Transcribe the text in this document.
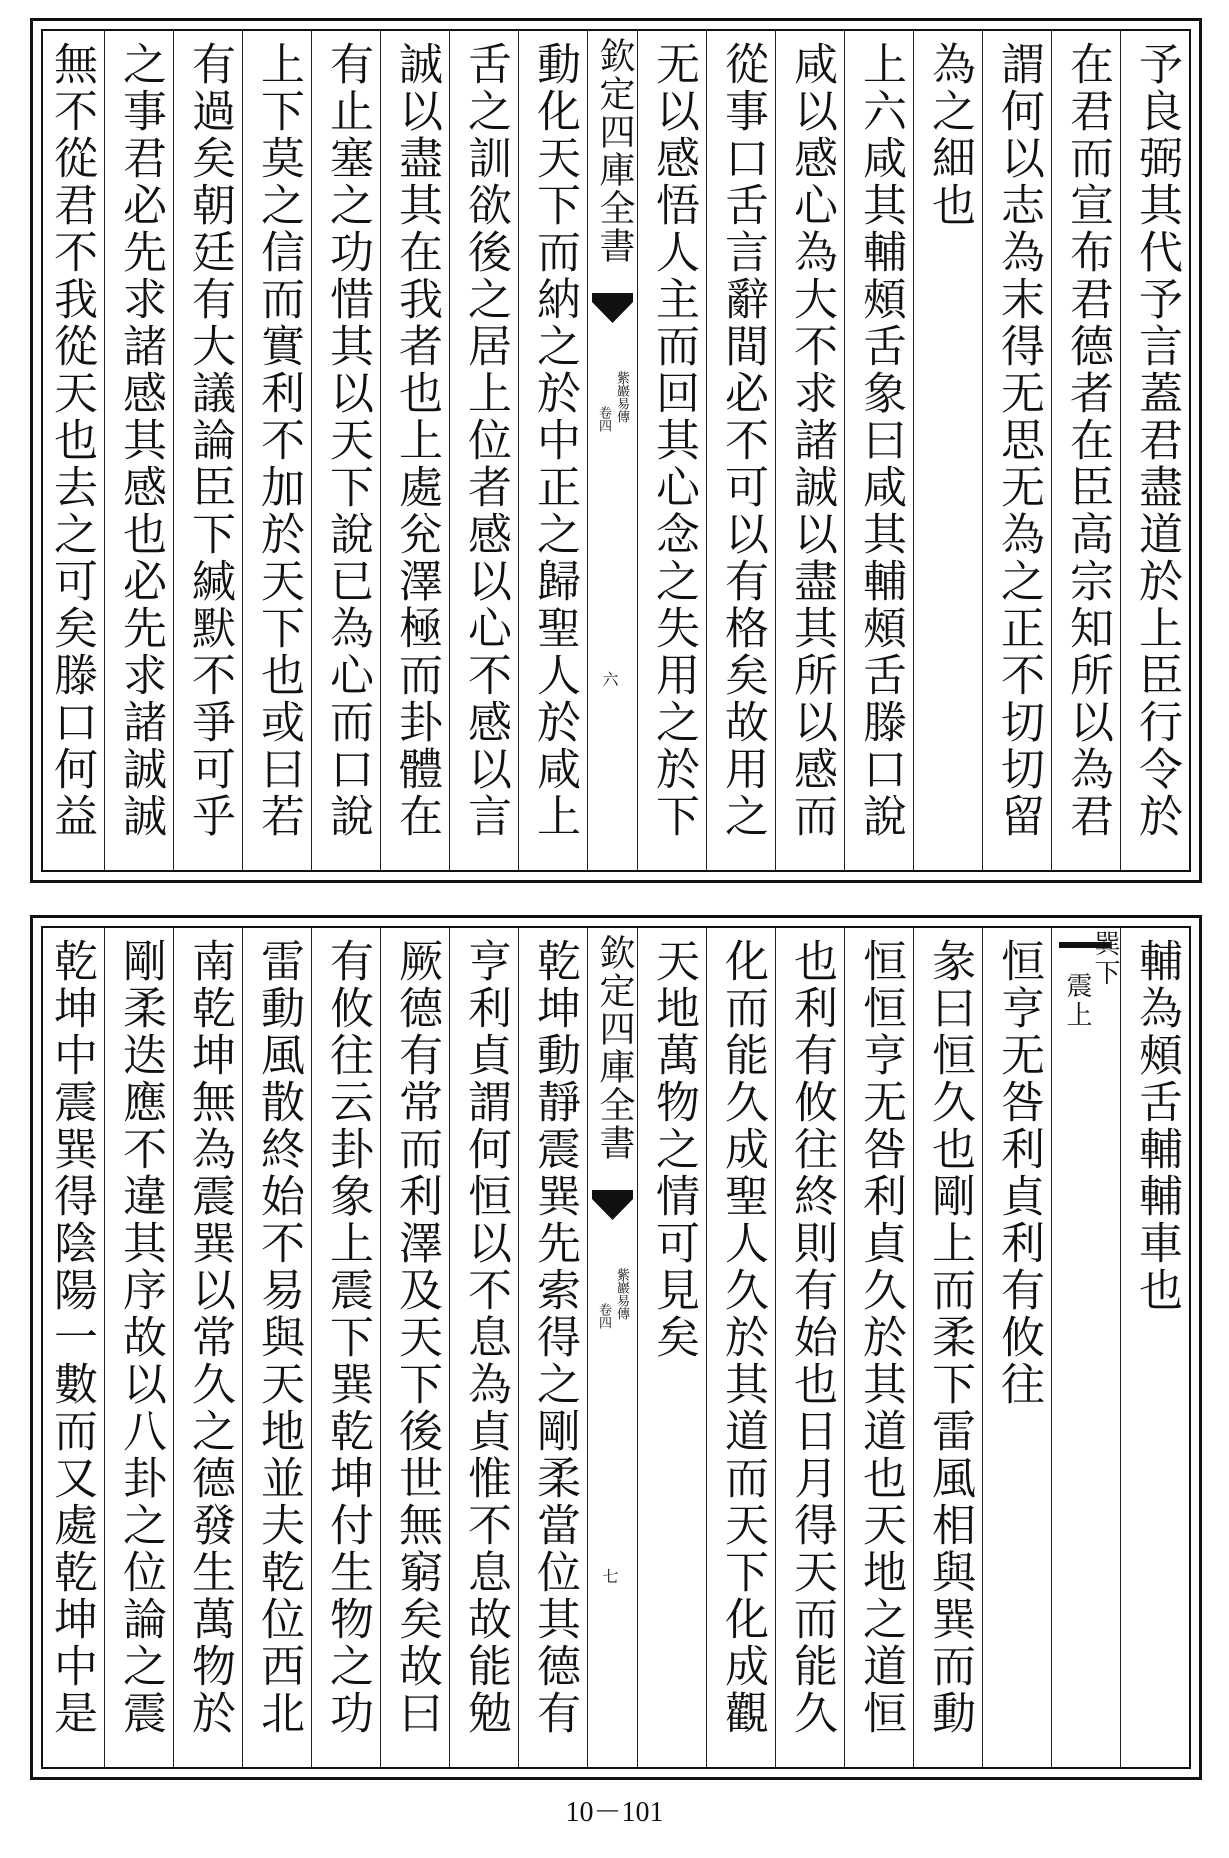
予良弼其代予言蓋君盡道於上臣行令於
在君而宣布君德者在臣高宗知所以為君
謂何以志為末得无思无為之正不切切留
為之細也
上六咸其輔頰舌象曰咸其輔頰舌滕口說
咸以感心為大不求諸誠以盡其所以感而
從事口舌言辭間必不可以有格矣故用之
无以感悟人主而回其心念之失用之於下
欽定四庫全書
紫巖易傳
卷四
六
動化天下而納之於中正之歸聖人於咸上
舌之訓欲後之居上位者感以心不感以言
誠以盡其在我者也上處兊澤極而卦體在
有止塞之功惜其以天下說已為心而口說
上下莫之信而實利不加於天下也或曰若
有過矣朝廷有大議論臣下緘默不爭可乎
之事君必先求諸感其感也必先求諸誠誠
無不從君不我從天也去之可矣滕口何益
輔為頰舌輔輔車也
巽下
震上
恒亨无咎利貞利有攸往
彖曰恒久也剛上而柔下雷風相與巽而動
恒恒亨无咎利貞久於其道也天地之道恒
也利有攸往終則有始也日月得天而能久
化而能久成聖人久於其道而天下化成觀
天地萬物之情可見矣
欽定四庫全書
紫巖易傳
卷四
七
乾坤動靜震巽先索得之剛柔當位其德有
亨利貞謂何恒以不息為貞惟不息故能勉
厥德有常而利澤及天下後世無窮矣故曰
有攸往云卦象上震下巽乾坤付生物之功
雷動風散終始不易與天地並夫乾位西北
南乾坤無為震巽以常久之德發生萬物於
剛柔迭應不違其序故以八卦之位論之震
乾坤中震巽得陰陽一數而又處乾坤中是
10－101
